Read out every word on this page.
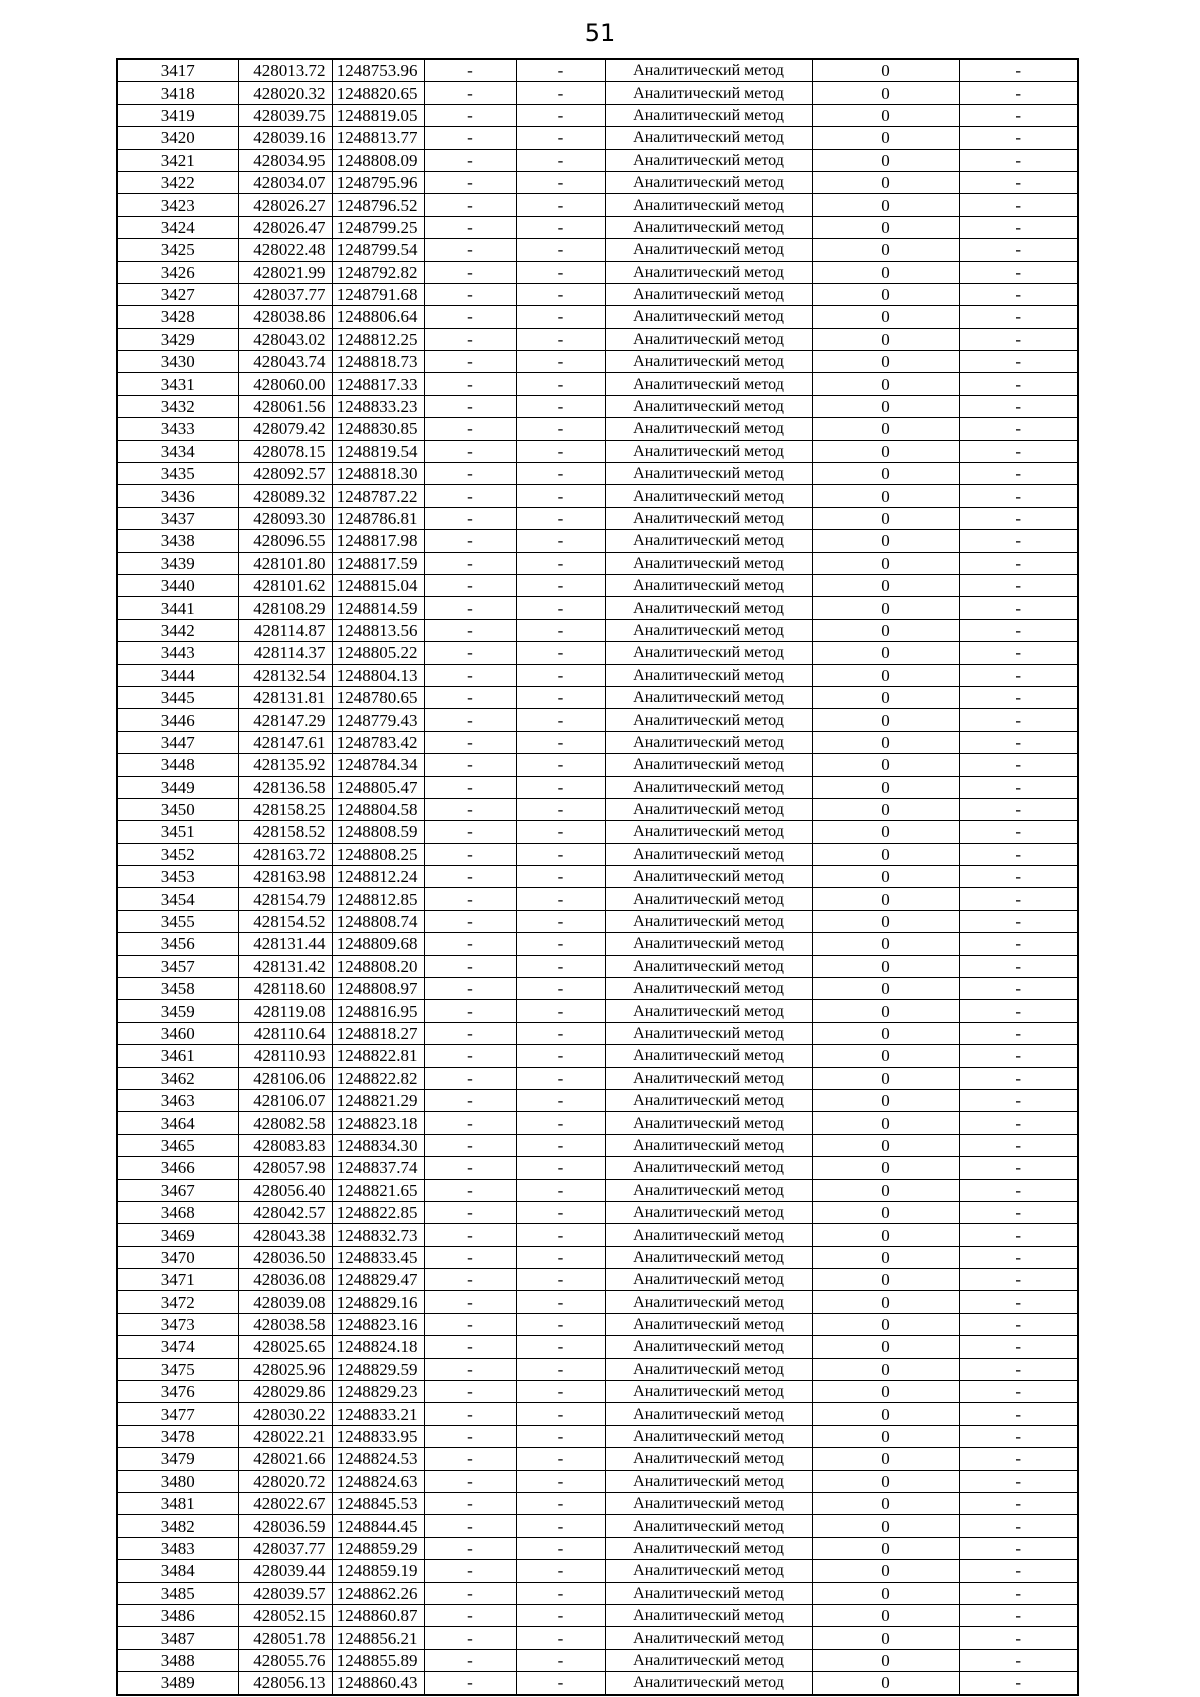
51
3417	428013.72	1248753.96	-	-	Аналитический метод	0	-
3418	428020.32	1248820.65	-	-	Аналитический метод	0	-
3419	428039.75	1248819.05	-	-	Аналитический метод	0	-
3420	428039.16	1248813.77	-	-	Аналитический метод	0	-
3421	428034.95	1248808.09	-	-	Аналитический метод	0	-
3422	428034.07	1248795.96	-	-	Аналитический метод	0	-
3423	428026.27	1248796.52	-	-	Аналитический метод	0	-
3424	428026.47	1248799.25	-	-	Аналитический метод	0	-
3425	428022.48	1248799.54	-	-	Аналитический метод	0	-
3426	428021.99	1248792.82	-	-	Аналитический метод	0	-
3427	428037.77	1248791.68	-	-	Аналитический метод	0	-
3428	428038.86	1248806.64	-	-	Аналитический метод	0	-
3429	428043.02	1248812.25	-	-	Аналитический метод	0	-
3430	428043.74	1248818.73	-	-	Аналитический метод	0	-
3431	428060.00	1248817.33	-	-	Аналитический метод	0	-
3432	428061.56	1248833.23	-	-	Аналитический метод	0	-
3433	428079.42	1248830.85	-	-	Аналитический метод	0	-
3434	428078.15	1248819.54	-	-	Аналитический метод	0	-
3435	428092.57	1248818.30	-	-	Аналитический метод	0	-
3436	428089.32	1248787.22	-	-	Аналитический метод	0	-
3437	428093.30	1248786.81	-	-	Аналитический метод	0	-
3438	428096.55	1248817.98	-	-	Аналитический метод	0	-
3439	428101.80	1248817.59	-	-	Аналитический метод	0	-
3440	428101.62	1248815.04	-	-	Аналитический метод	0	-
3441	428108.29	1248814.59	-	-	Аналитический метод	0	-
3442	428114.87	1248813.56	-	-	Аналитический метод	0	-
3443	428114.37	1248805.22	-	-	Аналитический метод	0	-
3444	428132.54	1248804.13	-	-	Аналитический метод	0	-
3445	428131.81	1248780.65	-	-	Аналитический метод	0	-
3446	428147.29	1248779.43	-	-	Аналитический метод	0	-
3447	428147.61	1248783.42	-	-	Аналитический метод	0	-
3448	428135.92	1248784.34	-	-	Аналитический метод	0	-
3449	428136.58	1248805.47	-	-	Аналитический метод	0	-
3450	428158.25	1248804.58	-	-	Аналитический метод	0	-
3451	428158.52	1248808.59	-	-	Аналитический метод	0	-
3452	428163.72	1248808.25	-	-	Аналитический метод	0	-
3453	428163.98	1248812.24	-	-	Аналитический метод	0	-
3454	428154.79	1248812.85	-	-	Аналитический метод	0	-
3455	428154.52	1248808.74	-	-	Аналитический метод	0	-
3456	428131.44	1248809.68	-	-	Аналитический метод	0	-
3457	428131.42	1248808.20	-	-	Аналитический метод	0	-
3458	428118.60	1248808.97	-	-	Аналитический метод	0	-
3459	428119.08	1248816.95	-	-	Аналитический метод	0	-
3460	428110.64	1248818.27	-	-	Аналитический метод	0	-
3461	428110.93	1248822.81	-	-	Аналитический метод	0	-
3462	428106.06	1248822.82	-	-	Аналитический метод	0	-
3463	428106.07	1248821.29	-	-	Аналитический метод	0	-
3464	428082.58	1248823.18	-	-	Аналитический метод	0	-
3465	428083.83	1248834.30	-	-	Аналитический метод	0	-
3466	428057.98	1248837.74	-	-	Аналитический метод	0	-
3467	428056.40	1248821.65	-	-	Аналитический метод	0	-
3468	428042.57	1248822.85	-	-	Аналитический метод	0	-
3469	428043.38	1248832.73	-	-	Аналитический метод	0	-
3470	428036.50	1248833.45	-	-	Аналитический метод	0	-
3471	428036.08	1248829.47	-	-	Аналитический метод	0	-
3472	428039.08	1248829.16	-	-	Аналитический метод	0	-
3473	428038.58	1248823.16	-	-	Аналитический метод	0	-
3474	428025.65	1248824.18	-	-	Аналитический метод	0	-
3475	428025.96	1248829.59	-	-	Аналитический метод	0	-
3476	428029.86	1248829.23	-	-	Аналитический метод	0	-
3477	428030.22	1248833.21	-	-	Аналитический метод	0	-
3478	428022.21	1248833.95	-	-	Аналитический метод	0	-
3479	428021.66	1248824.53	-	-	Аналитический метод	0	-
3480	428020.72	1248824.63	-	-	Аналитический метод	0	-
3481	428022.67	1248845.53	-	-	Аналитический метод	0	-
3482	428036.59	1248844.45	-	-	Аналитический метод	0	-
3483	428037.77	1248859.29	-	-	Аналитический метод	0	-
3484	428039.44	1248859.19	-	-	Аналитический метод	0	-
3485	428039.57	1248862.26	-	-	Аналитический метод	0	-
3486	428052.15	1248860.87	-	-	Аналитический метод	0	-
3487	428051.78	1248856.21	-	-	Аналитический метод	0	-
3488	428055.76	1248855.89	-	-	Аналитический метод	0	-
3489	428056.13	1248860.43	-	-	Аналитический метод	0	-
